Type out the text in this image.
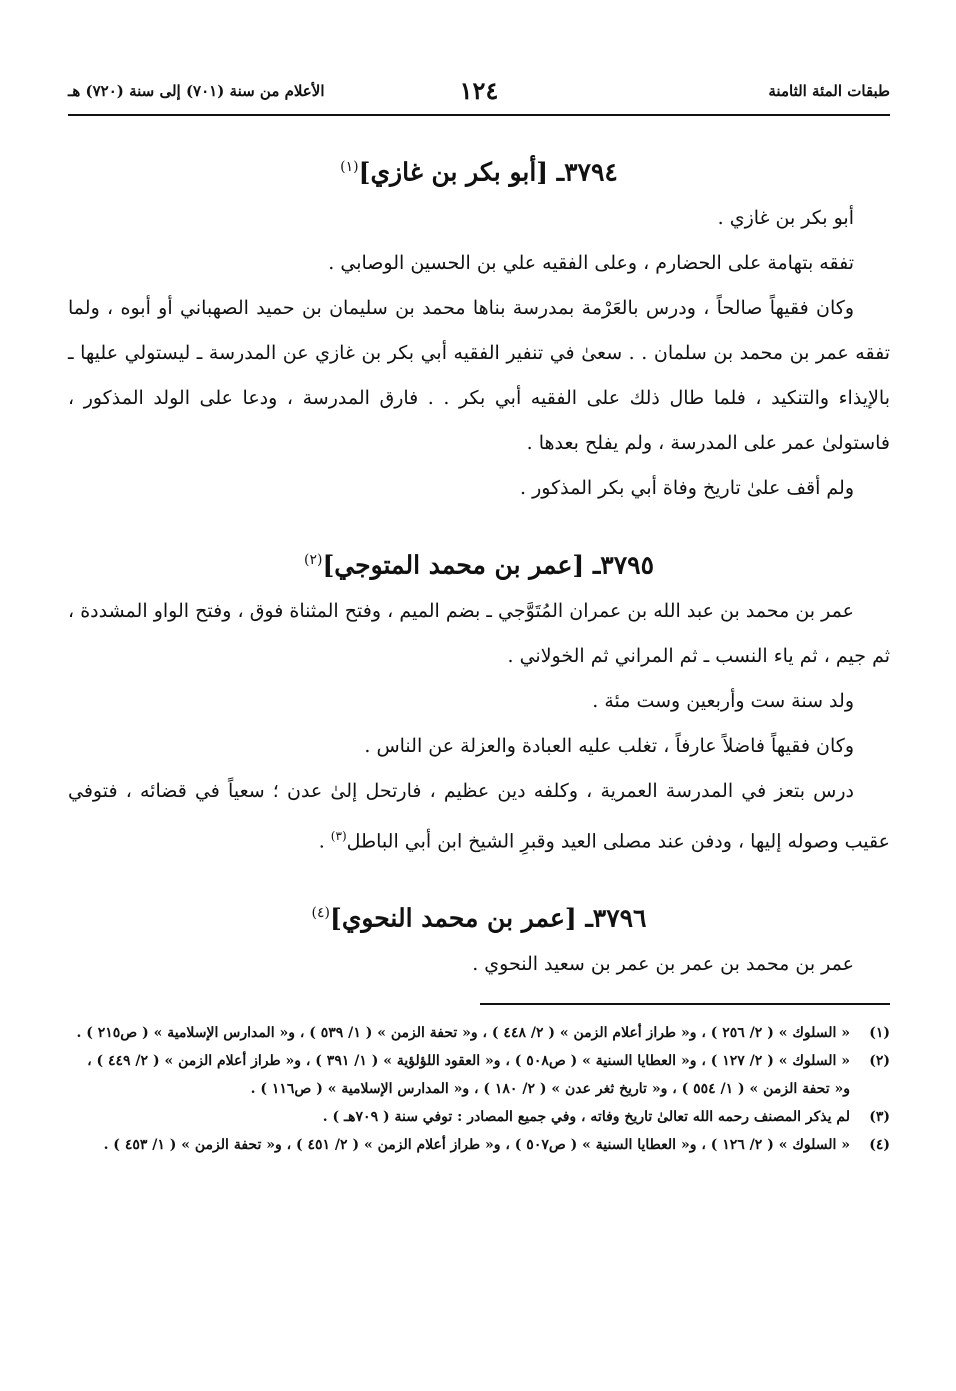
طبقات المئة الثامنة
١٢٤
الأعلام من سنة (٧٠١) إلى سنة (٧٢٠) هـ
٣٧٩٤ـ [أبو بكر بن غازي]$^{(١)}$

أبو بكر بن غازي .

تفقه بتهامة على الحضارم ، وعلى الفقيه علي بن الحسين الوصابي .

وكان فقيهاً صالحاً ، ودرس بالعَرْمة بمدرسة بناها محمد بن سليمان بن حميد الصهباني أو أبوه ، ولما تفقه عمر بن محمد بن سلمان . . سعىٰ في تنفير الفقيه أبي بكر بن غازي عن المدرسة ـ ليستولي عليها ـ بالإيذاء والتنكيد ، فلما طال ذلك على الفقيه أبي بكر . . فارق المدرسة ، ودعا على الولد المذكور ، فاستولىٰ عمر على المدرسة ، ولم يفلح بعدها .

ولم أقف علىٰ تاريخ وفاة أبي بكر المذكور .

٣٧٩٥ـ [عمر بن محمد المتوجي]$^{(٢)}$

عمر بن محمد بن عبد الله بن عمران المُتَوَّجي ـ بضم الميم ، وفتح المثناة فوق ، وفتح الواو المشددة ، ثم جيم ، ثم ياء النسب ـ ثم المراني ثم الخولاني .

ولد سنة ست وأربعين وست مئة .

وكان فقيهاً فاضلاً عارفاً ، تغلب عليه العبادة والعزلة عن الناس .

درس بتعز في المدرسة العمرية ، وكلفه دين عظيم ، فارتحل إلىٰ عدن ؛ سعياً في قضائه ، فتوفي عقيب وصوله إليها ، ودفن عند مصلى العيد وقبرِ الشيخ ابن أبي الباطل$^{(٣)}$ .

٣٧٩٦ـ [عمر بن محمد النحوي]$^{(٤)}$

عمر بن محمد بن عمر بن عمر بن سعيد النحوي .

(١)
« السلوك » ( ٢/ ٢٥٦ ) ، و« طراز أعلام الزمن » ( ٢/ ٤٤٨ ) ، و« تحفة الزمن » ( ١/ ٥٣٩ ) ، و« المدارس الإسلامية » ( ص٢١٥ ) .
(٢)
« السلوك » ( ٢/ ١٢٧ ) ، و« العطايا السنية » ( ص٥٠٨ ) ، و« العقود اللؤلؤية » ( ١/ ٣٩١ ) ، و« طراز أعلام الزمن » ( ٢/ ٤٤٩ ) ، و« تحفة الزمن » ( ١/ ٥٥٤ ) ، و« تاريخ ثغر عدن » ( ٢/ ١٨٠ ) ، و« المدارس الإسلامية » ( ص١١٦ ) .
(٣)
لم يذكر المصنف رحمه الله تعالىٰ تاريخ وفاته ، وفي جميع المصادر : توفي سنة ( ٧٠٩هـ ) .
(٤)
« السلوك » ( ٢/ ١٢٦ ) ، و« العطايا السنية » ( ص٥٠٧ ) ، و« طراز أعلام الزمن » ( ٢/ ٤٥١ ) ، و« تحفة الزمن » ( ١/ ٤٥٣ ) .
